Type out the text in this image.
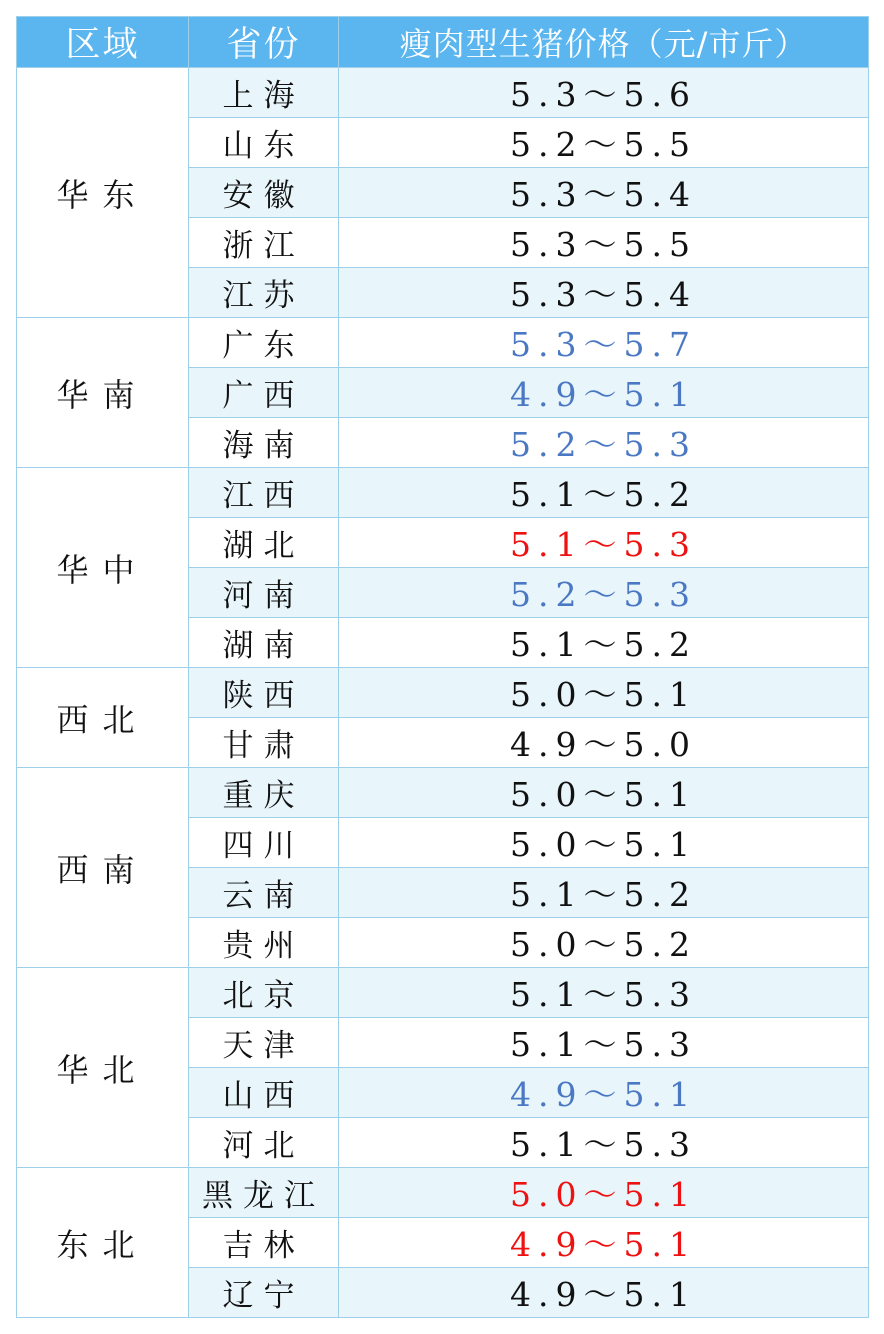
区域	省份	瘦肉型生猪价格（元/市斤）
华东	上海	5.3～5.6
	山东	5.2～5.5
	安徽	5.3～5.4
	浙江	5.3～5.5
	江苏	5.3～5.4
华南	广东	5.3～5.7
	广西	4.9～5.1
	海南	5.2～5.3
华中	江西	5.1～5.2
	湖北	5.1～5.3
	河南	5.2～5.3
	湖南	5.1～5.2
西北	陕西	5.0～5.1
	甘肃	4.9～5.0
西南	重庆	5.0～5.1
	四川	5.0～5.1
	云南	5.1～5.2
	贵州	5.0～5.2
华北	北京	5.1～5.3
	天津	5.1～5.3
	山西	4.9～5.1
	河北	5.1～5.3
东北	黑龙江	5.0～5.1
	吉林	4.9～5.1
	辽宁	4.9～5.1
